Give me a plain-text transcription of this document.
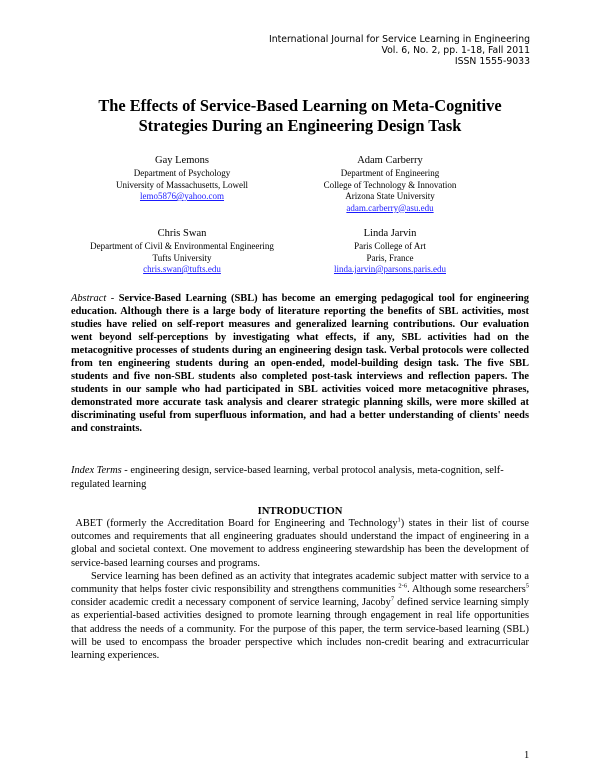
International Journal for Service Learning in Engineering
Vol. 6, No. 2, pp. 1-18, Fall 2011
ISSN 1555-9033
The Effects of Service-Based Learning on Meta-Cognitive
Strategies During an Engineering Design Task
Gay Lemons
Department of Psychology
University of Massachusetts, Lowell
lemo5876@yahoo.com
Adam Carberry
Department of Engineering
College of Technology & Innovation
Arizona State University
adam.carberry@asu.edu
Chris Swan
Department of Civil & Environmental Engineering
Tufts University
chris.swan@tufts.edu
Linda Jarvin
Paris College of Art
Paris, France
linda.jarvin@parsons.paris.edu
Abstract - Service-Based Learning (SBL) has become an emerging pedagogical tool for engineering education. Although there is a large body of literature reporting the benefits of SBL activities, most studies have relied on self-report measures and generalized learning contributions. Our evaluation went beyond self-perceptions by investigating what effects, if any, SBL activities had on the metacognitive processes of students during an engineering design task. Verbal protocols were collected from ten engineering students during an open-ended, model-building design task. The five SBL students and five non-SBL students also completed post-task interviews and reflection papers. The students in our sample who had participated in SBL activities voiced more metacognitive phrases, demonstrated more accurate task analysis and clearer strategic planning skills, were more skilled at discriminating useful from superfluous information, and had a better understanding of clients' needs and constraints.
Index Terms - engineering design, service-based learning, verbal protocol analysis, meta-cognition, self-regulated learning
INTRODUCTION

ABET (formerly the Accreditation Board for Engineering and Technology$^1$) states in their list of course outcomes and requirements that all engineering graduates should understand the impact of engineering in a global and societal context. One movement to address engineering stewardship has been the development of service-based learning courses and programs.

Service learning has been defined as an activity that integrates academic subject matter with service to a community that helps foster civic responsibility and strengthens communities $^{2-6}$. Although some researchers$^5$ consider academic credit a necessary component of service learning, Jacoby$^7$ defined service learning simply as experiential-based activities designed to promote learning through engagement in real life opportunities that address the needs of a community. For the purpose of this paper, the term service-based learning (SBL) will be used to encompass the broader perspective which includes non-credit bearing and extracurricular learning experiences.

1
